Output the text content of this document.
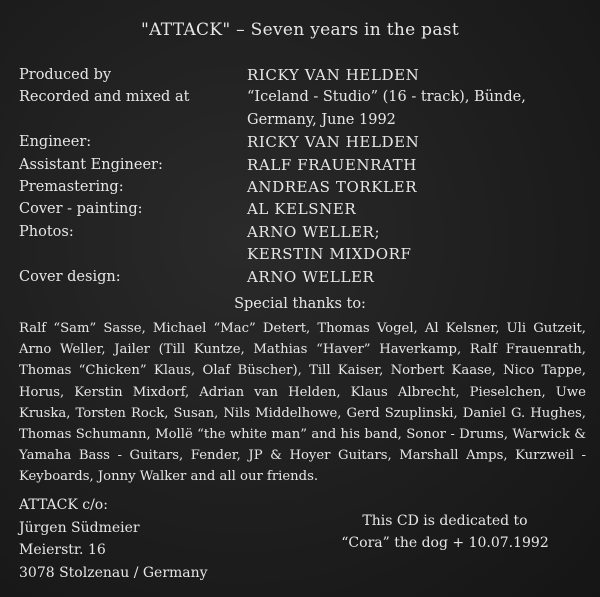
"ATTACK" – Seven years in the past
Produced by	RICKY VAN HELDEN
Recorded and mixed at	“Iceland - Studio” (16 - track), Bünde,
Germany, June 1992
Engineer:	RICKY VAN HELDEN
Assistant Engineer:	RALF FRAUENRATH
Premastering:	ANDREAS TORKLER
Cover - painting:	AL KELSNER
Photos:	ARNO WELLER;
KERSTIN MIXDORF
Cover design:	ARNO WELLER
Special thanks to:
Ralf “Sam” Sasse, Michael “Mac” Detert, Thomas Vogel, Al Kelsner, Uli Gutzeit, Arno Weller, Jailer (Till Kuntze, Mathias “Haver” Haverkamp, Ralf Frauenrath, Thomas “Chicken” Klaus, Olaf Büscher), Till Kaiser, Norbert Kaase, Nico Tappe, Horus, Kerstin Mixdorf, Adrian van Helden, Klaus Albrecht, Pieselchen, Uwe Kruska, Torsten Rock, Susan, Nils Middelhowe, Gerd Szuplinski, Daniel G. Hughes, Thomas Schumann, Mollë “the white man” and his band, Sonor - Drums, Warwick & Yamaha Bass - Guitars, Fender, JP & Hoyer Guitars, Marshall Amps, Kurzweil - Keyboards, Jonny Walker and all our friends.
ATTACK c/o:
Jürgen Südmeier
Meierstr. 16
3078 Stolzenau / Germany
This CD is dedicated to
“Cora” the dog + 10.07.1992
